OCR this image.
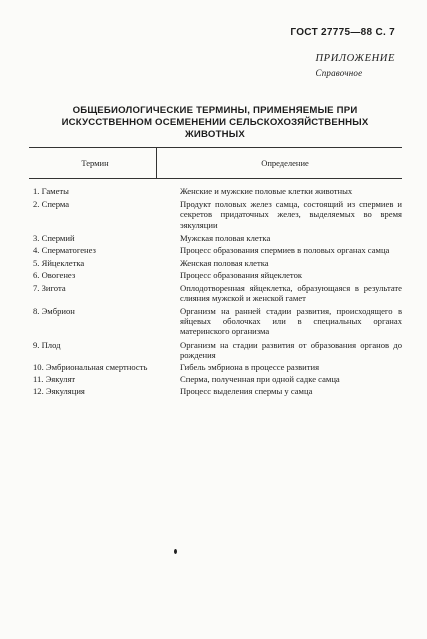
ГОСТ 27775—88 С. 7
ПРИЛОЖЕНИЕ
Справочное
ОБЩЕБИОЛОГИЧЕСКИЕ ТЕРМИНЫ, ПРИМЕНЯЕМЫЕ ПРИ ИСКУССТВЕННОМ ОСЕМЕНЕНИИ СЕЛЬСКОХОЗЯЙСТВЕННЫХ ЖИВОТНЫХ
Термин	Определение
1. Гаметы	Женские и мужские половые клетки животных
2. Сперма	Продукт половых желез самца, состоящий из спермиев и секретов придаточных желез, выделяемых во время эякуляции
3. Спермий	Мужская половая клетка
4. Сперматогенез	Процесс образования спермиев в половых органах самца
5. Яйцеклетка	Женская половая клетка
6. Овогенез	Процесс образования яйцеклеток
7. Зигота	Оплодотворенная яйцеклетка, образующаяся в результате слияния мужской и женской гамет
8. Эмбрион	Организм на ранней стадии развития, происходящего в яйцевых оболочках или в специальных органах материнского организма
9. Плод	Организм на стадии развития от образования органов до рождения
10. Эмбриональная смертность	Гибель эмбриона в процессе развития
11. Эякулят	Сперма, полученная при одной садке самца
12. Эякуляция	Процесс выделения спермы у самца
